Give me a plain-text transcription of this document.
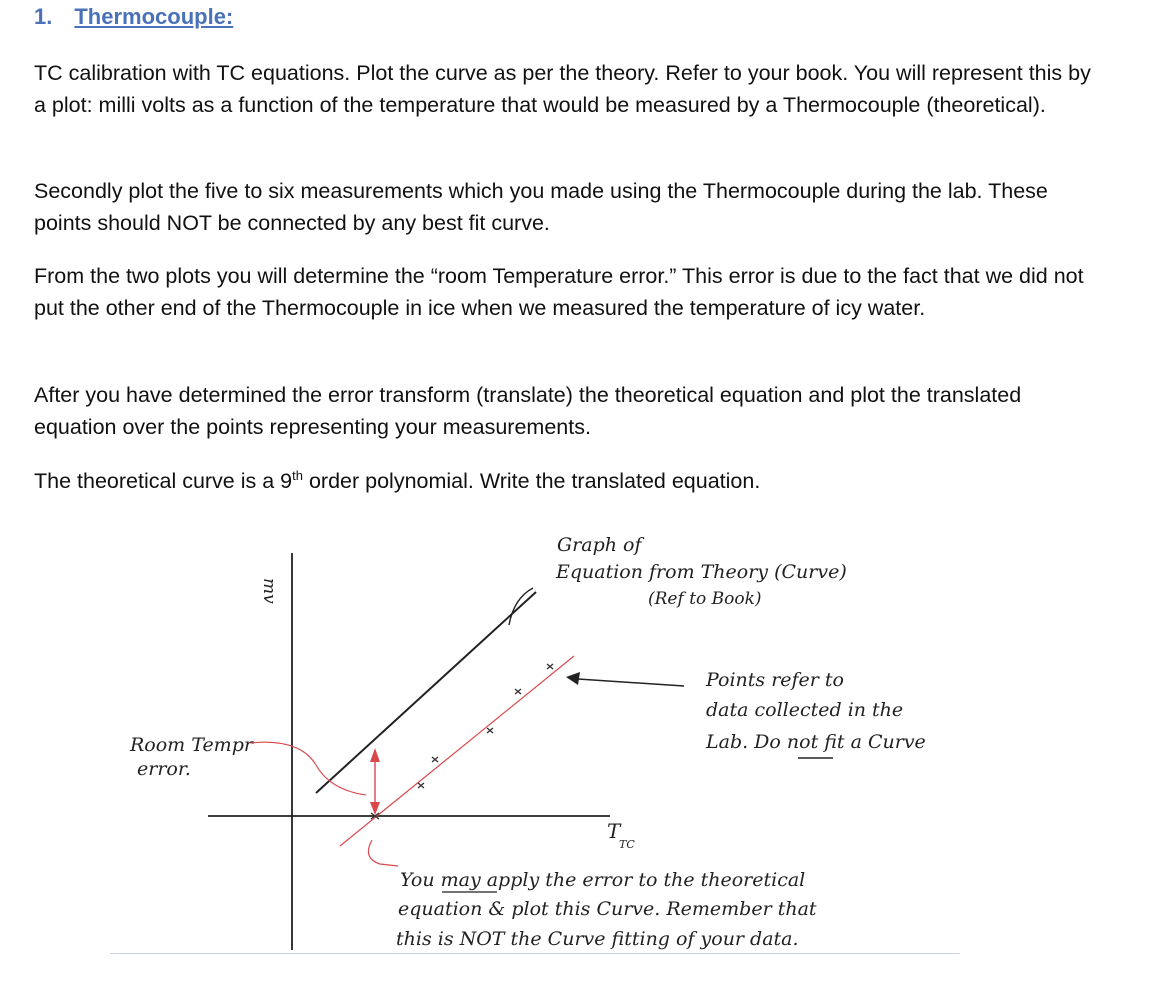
1. Thermocouple:

TC calibration with TC equations. Plot the curve as per the theory. Refer to your book. You will represent this by a plot: milli volts as a function of the temperature that would be measured by a Thermocouple (theoretical).

Secondly plot the five to six measurements which you made using the Thermocouple during the lab. These points should NOT be connected by any best fit curve.

From the two plots you will determine the “room Temperature error.” This error is due to the fact that we did not put the other end of the Thermocouple in ice when we measured the temperature of icy water.

After you have determined the error transform (translate) the theoretical equation and plot the translated equation over the points representing your measurements.

The theoretical curve is a 9th order polynomial. Write the translated equation.

mv
T
TC
Room Tempr
error.
Graph of
Equation from Theory (Curve)
(Ref to Book)
Points refer to
data collected in the
Lab. Do not fit a Curve
You may apply the error to the theoretical
equation & plot this Curve. Remember that
this is NOT the Curve fitting of your data.
